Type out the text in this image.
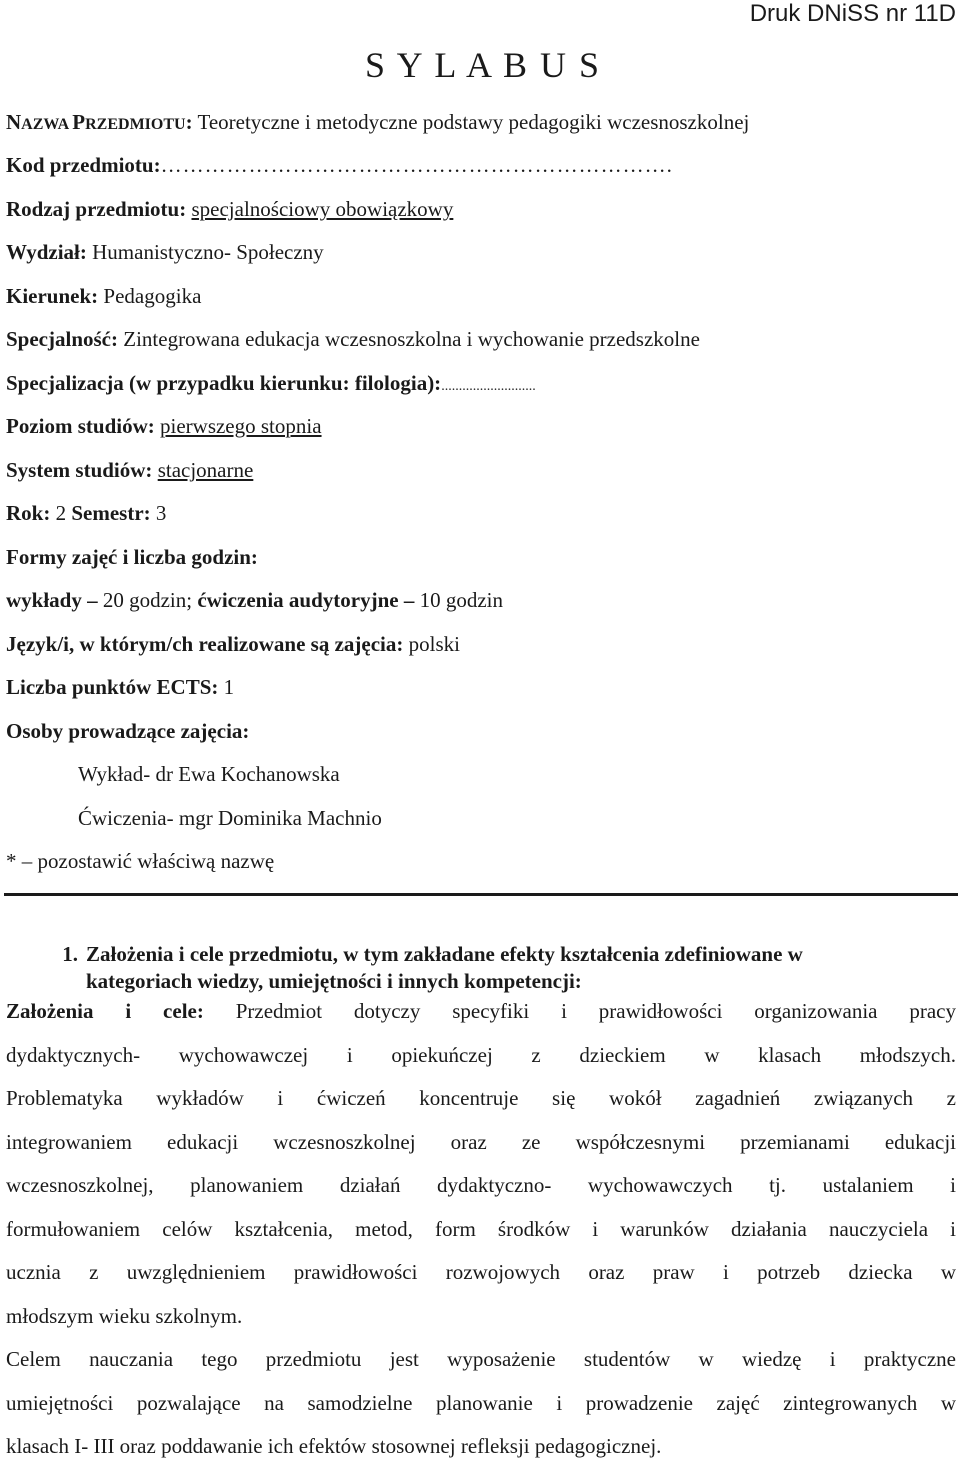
Druk DNiSS nr 11D
S Y L A B U S
NAZWA PRZEDMIOTU: Teoretyczne i metodyczne podstawy pedagogiki wczesnoszkolnej
Kod przedmiotu:…………………………………………………………….
Rodzaj przedmiotu: specjalnościowy obowiązkowy
Wydział: Humanistyczno- Społeczny
Kierunek: Pedagogika
Specjalność: Zintegrowana edukacja wczesnoszkolna i wychowanie przedszkolne
Specjalizacja (w przypadku kierunku: filologia):...........................
Poziom studiów: pierwszego stopnia
System studiów: stacjonarne
Rok: 2 Semestr: 3
Formy zajęć i liczba godzin:
wykłady – 20 godzin; ćwiczenia audytoryjne – 10 godzin
Język/i, w którym/ch realizowane są zajęcia: polski
Liczba punktów ECTS: 1
Osoby prowadzące zajęcia:
Wykład- dr Ewa Kochanowska
Ćwiczenia- mgr Dominika Machnio
* – pozostawić właściwą nazwę
1. Założenia i cele przedmiotu, w tym zakładane efekty kształcenia zdefiniowane w
kategoriach wiedzy, umiejętności i innych kompetencji:
Założenia i cele: Przedmiot dotyczy specyfiki i prawidłowości organizowania pracy
dydaktycznych- wychowawczej i opiekuńczej z dzieckiem w klasach młodszych.
Problematyka wykładów i ćwiczeń koncentruje się wokół zagadnień związanych z
integrowaniem edukacji wczesnoszkolnej oraz ze współczesnymi przemianami edukacji
wczesnoszkolnej, planowaniem działań dydaktyczno- wychowawczych tj. ustalaniem i
formułowaniem celów kształcenia, metod, form środków i warunków działania nauczyciela i
ucznia z uwzględnieniem prawidłowości rozwojowych oraz praw i potrzeb dziecka w
młodszym wieku szkolnym.
Celem nauczania tego przedmiotu jest wyposażenie studentów w wiedzę i praktyczne
umiejętności pozwalające na samodzielne planowanie i prowadzenie zajęć zintegrowanych w
klasach I- III oraz poddawanie ich efektów stosownej refleksji pedagogicznej.
